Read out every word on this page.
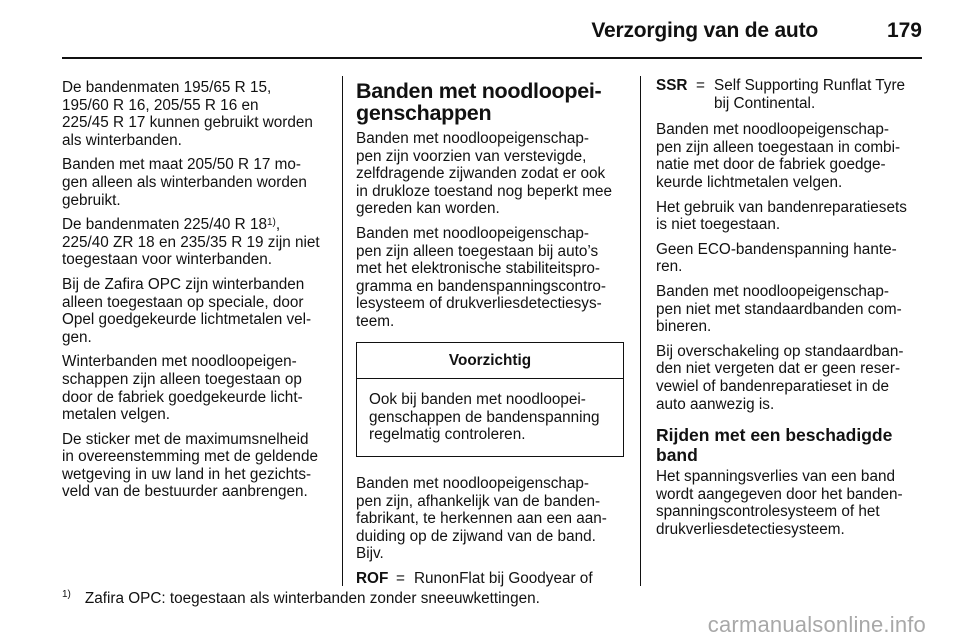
Verzorging van de auto	179

De bandenmaten 195/65 R 15,
195/60 R 16, 205/55 R 16 en
225/45 R 17 kunnen gebruikt worden
als winterbanden.

Banden met maat 205/50 R 17 mo-
gen alleen als winterbanden worden
gebruikt.

De bandenmaten 225/40 R 18$^{1)}$,
225/40 ZR 18 en 235/35 R 19 zijn niet
toegestaan voor winterbanden.

Bij de Zafira OPC zijn winterbanden
alleen toegestaan op speciale, door
Opel goedgekeurde lichtmetalen vel-
gen.

Winterbanden met noodloopeigen-
schappen zijn alleen toegestaan op
door de fabriek goedgekeurde licht-
metalen velgen.

De sticker met de maximumsnelheid
in overeenstemming met de geldende
wetgeving in uw land in het gezichts-
veld van de bestuurder aanbrengen.

Banden met noodloopei-
genschappen

Banden met noodloopeigenschap-
pen zijn voorzien van verstevigde,
zelfdragende zijwanden zodat er ook
in drukloze toestand nog beperkt mee
gereden kan worden.

Banden met noodloopeigenschap-
pen zijn alleen toegestaan bij auto’s
met het elektronische stabiliteitspro-
gramma en bandenspanningscontro-
lesysteem of drukverliesdetectiesys-
teem.

Voorzichtig
Ook bij banden met noodloopei-
genschappen de bandenspanning
regelmatig controleren.

Banden met noodloopeigenschap-
pen zijn, afhankelijk van de banden-
fabrikant, te herkennen aan een aan-
duiding op de zijwand van de band.
Bijv.

ROF = RunonFlat bij Goodyear of
SSR = Self Supporting Runflat Tyre
bij Continental.

Banden met noodloopeigenschap-
pen zijn alleen toegestaan in combi-
natie met door de fabriek goedge-
keurde lichtmetalen velgen.

Het gebruik van bandenreparatiesets
is niet toegestaan.

Geen ECO-bandenspanning hante-
ren.

Banden met noodloopeigenschap-
pen niet met standaardbanden com-
bineren.

Bij overschakeling op standaardban-
den niet vergeten dat er geen reser-
vewiel of bandenreparatieset in de
auto aanwezig is.

Rijden met een beschadigde
band

Het spanningsverlies van een band
wordt aangegeven door het banden-
spanningscontrolesysteem of het
drukverliesdetectiesysteem.

$^{1)}$ Zafira OPC: toegestaan als winterbanden zonder sneeuwkettingen.
carmanualsonline.info
